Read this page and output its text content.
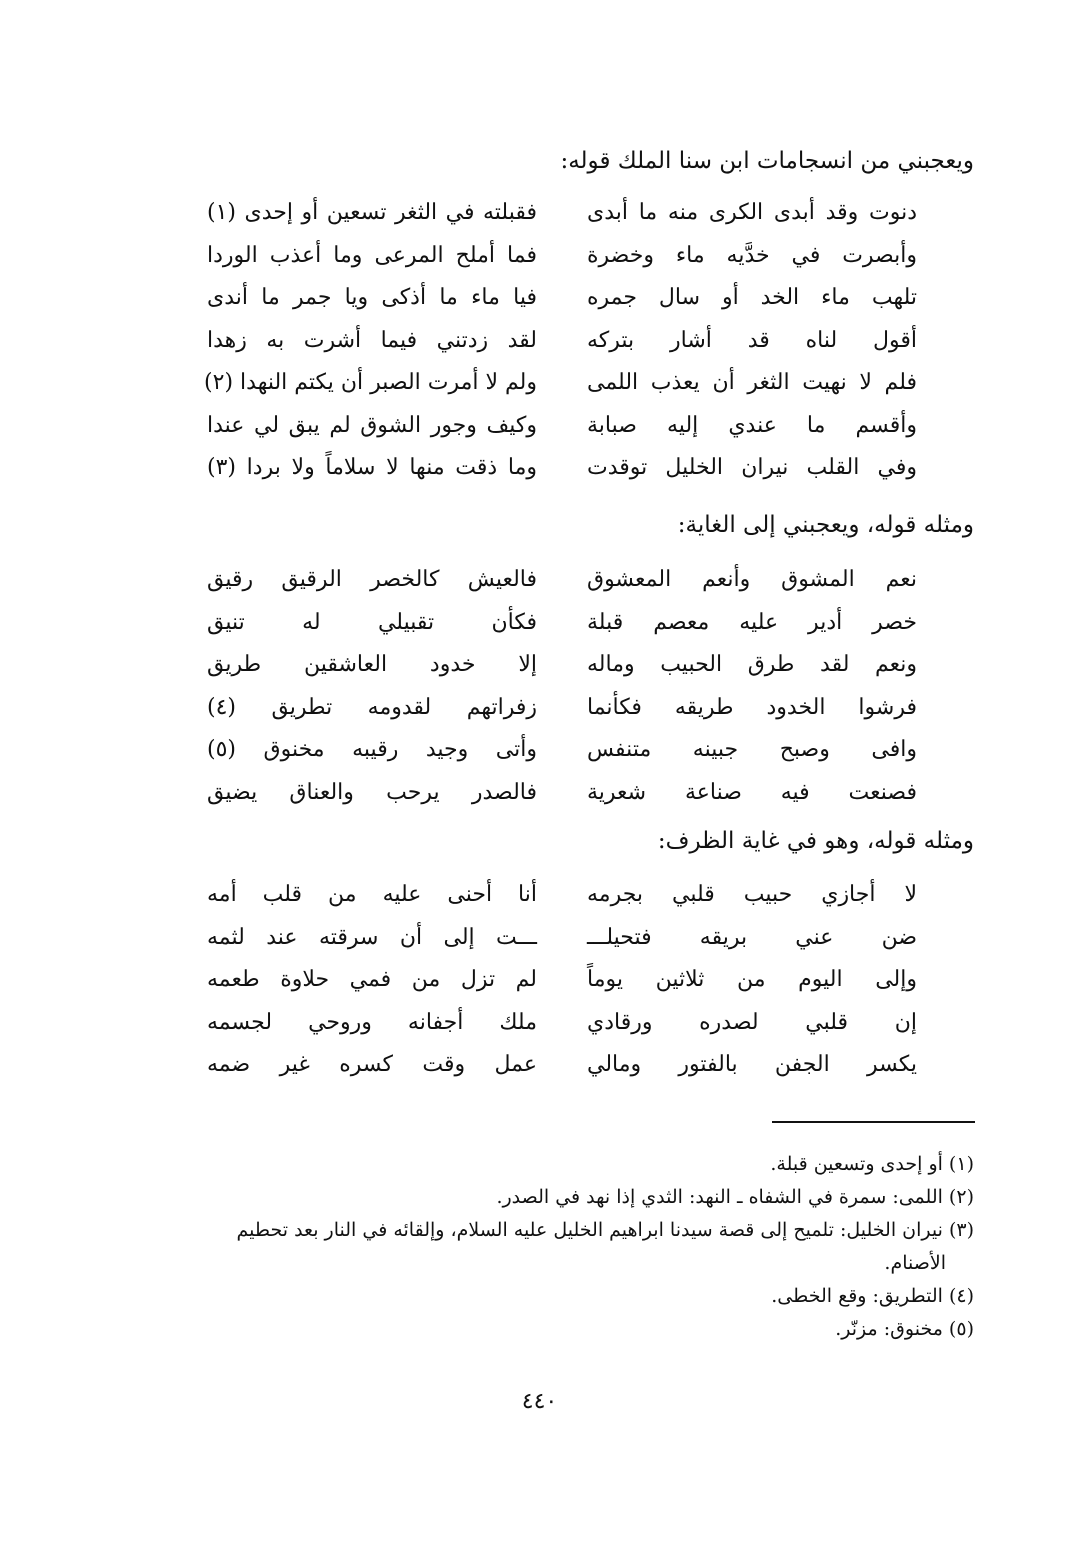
ويعجبني من انسجامات ابن سنا الملك قوله:
دنوت وقد أبدى الكرى منه ما أبدى
فقبلته في الثغر تسعين أو إحدى (١)
وأبصرت في خدَّيه ماء وخضرة
فما أملح المرعى وما أعذب الوردا
تلهب ماء الخد أو سال جمره
فيا ماء ما أذكى ويا جمر ما أندى
أقول لناه قد أشار بتركه
لقد زدتني فيما أشرت به زهدا
فلم لا نهيت الثغر أن يعذب اللمى
ولم لا أمرت الصبر أن يكتم النهدا (٢)
وأقسم ما عندي إليه صبابة
وكيف وجور الشوق لم يبق لي عندا
وفي القلب نيران الخليل توقدت
وما ذقت منها لا سلاماً ولا بردا (٣)
ومثله قوله، ويعجبني إلى الغاية:
نعم المشوق وأنعم المعشوق
فالعيش كالخصر الرقيق رقيق
خصر أدير عليه معصم قبلة
فكأن تقبيلي له تنيق
ونعم لقد طرق الحبيب وماله
إلا خدود العاشقين طريق
فرشوا الخدود طريقه فكأنما
زفراتهم لقدومه تطريق (٤)
وافى وصبح جبينه متنفس
وأتى وجيد رقيبه مخنوق (٥)
فصنعت فيه صناعة شعرية
فالصدر يرحب والعناق يضيق
ومثله قوله، وهو في غاية الظرف:
لا أجازي حبيب قلبي بجرمه
أنا أحنى عليه من قلب أمه
ضن عني بريقه فتحيلـــ
ـــت إلى أن سرقته عند لثمه
وإلى اليوم من ثلاثين يوماً
لم تزل من فمي حلاوة طعمه
إن قلبي لصدره ورقادي
ملك أجفانه وروحي لجسمه
يكسر الجفن بالفتور ومالي
عمل وقت كسره غير ضمه
(١) أو إحدى وتسعين قبلة.
(٢) اللمى: سمرة في الشفاه ـ النهد: الثدي إذا نهد في الصدر.
(٣) نيران الخليل: تلميح إلى قصة سيدنا ابراهيم الخليل عليه السلام، وإلقائه في النار بعد تحطيم
الأصنام.
(٤) التطريق: وقع الخطى.
(٥) مخنوق: مزنّر.
٤٤٠
